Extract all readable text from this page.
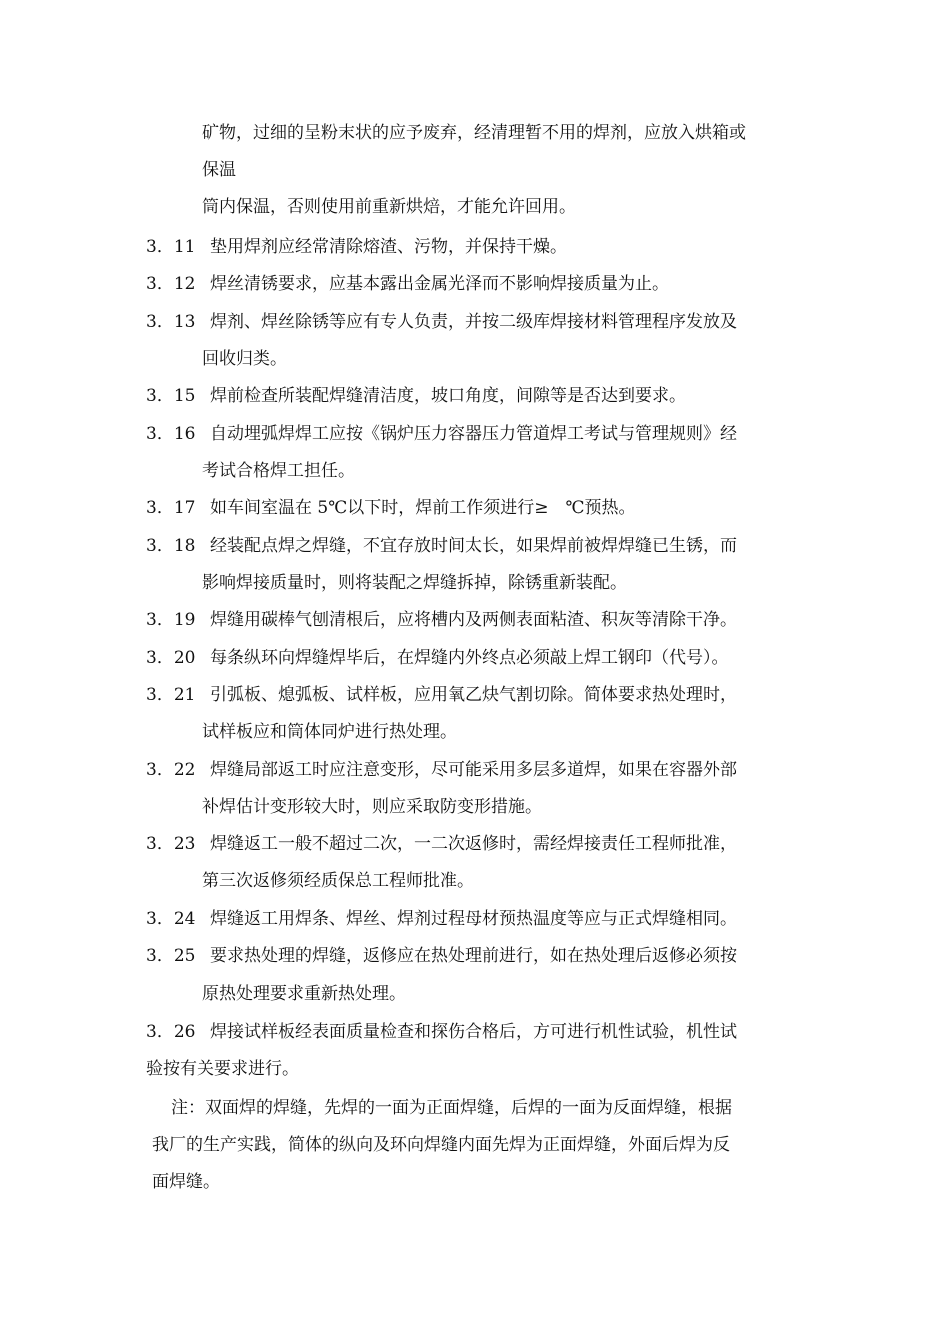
矿物，过细的呈粉末状的应予废弃，经清理暂不用的焊剂，应放入烘箱或
保温
筒内保温，否则使用前重新烘焙，才能允许回用。
3．11 垫用焊剂应经常清除熔渣、污物，并保持干燥。
3．12 焊丝清锈要求，应基本露出金属光泽而不影响焊接质量为止。
3．13 焊剂、焊丝除锈等应有专人负责，并按二级库焊接材料管理程序发放及
回收归类。
3．15 焊前检查所装配焊缝清洁度，坡口角度，间隙等是否达到要求。
3．16 自动埋弧焊焊工应按《锅炉压力容器压力管道焊工考试与管理规则》经
考试合格焊工担任。
3．17 如车间室温在 5℃以下时，焊前工作须进行≥　℃预热。
3．18 经装配点焊之焊缝，不宜存放时间太长，如果焊前被焊焊缝已生锈，而
影响焊接质量时，则将装配之焊缝拆掉，除锈重新装配。
3．19 焊缝用碳棒气刨清根后，应将槽内及两侧表面粘渣、积灰等清除干净。
3．20 每条纵环向焊缝焊毕后，在焊缝内外终点必须敲上焊工钢印（代号）。
3．21 引弧板、熄弧板、试样板，应用氧乙炔气割切除。简体要求热处理时，
试样板应和筒体同炉进行热处理。
3．22 焊缝局部返工时应注意变形，尽可能采用多层多道焊，如果在容器外部
补焊估计变形较大时，则应采取防变形措施。
3．23 焊缝返工一般不超过二次，一二次返修时，需经焊接责任工程师批准，
第三次返修须经质保总工程师批准。
3．24 焊缝返工用焊条、焊丝、焊剂过程母材预热温度等应与正式焊缝相同。
3．25 要求热处理的焊缝，返修应在热处理前进行，如在热处理后返修必须按
原热处理要求重新热处理。
3．26 焊接试样板经表面质量检查和探伤合格后，方可进行机性试验，机性试
验按有关要求进行。
注：双面焊的焊缝，先焊的一面为正面焊缝，后焊的一面为反面焊缝，根据
我厂的生产实践，简体的纵向及环向焊缝内面先焊为正面焊缝，外面后焊为反
面焊缝。
